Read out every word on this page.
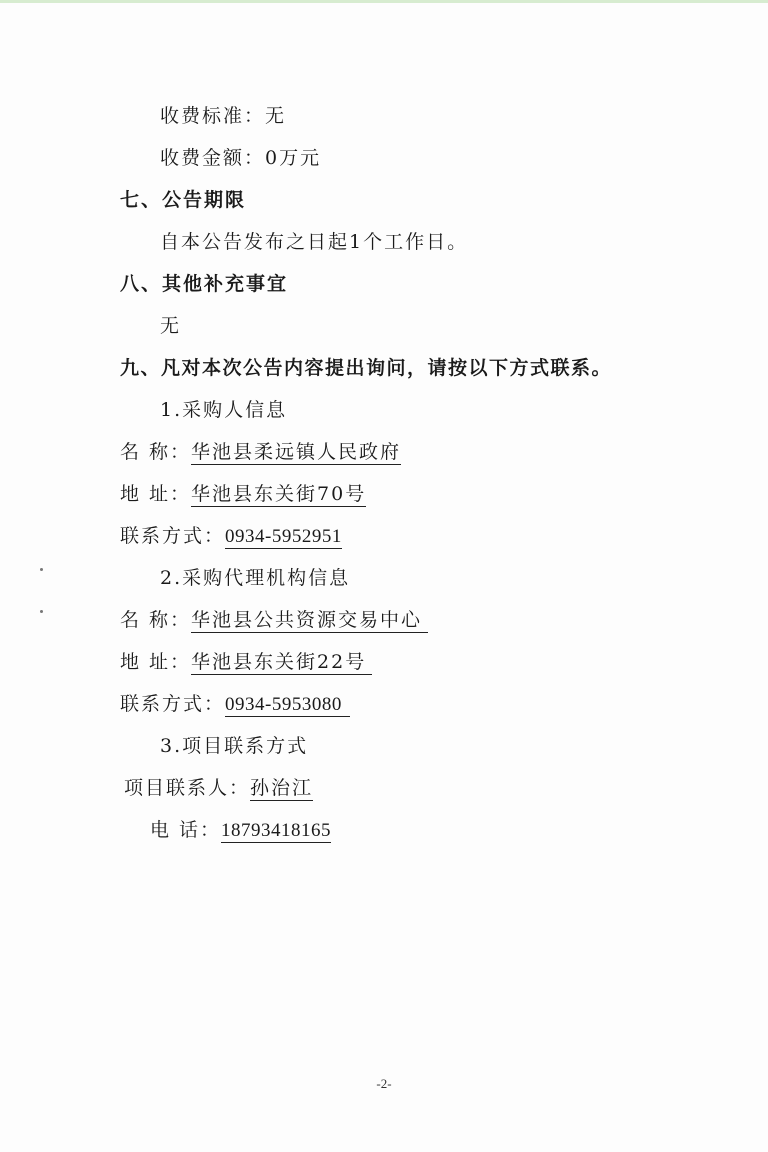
收费标准：无
收费金额：0万元
七、公告期限
自本公告发布之日起1个工作日。
八、其他补充事宜
无
九、凡对本次公告内容提出询问，请按以下方式联系。
1.采购人信息
名 称：华池县柔远镇人民政府
地 址：华池县东关街70号
联系方式：0934-5952951
2.采购代理机构信息
名 称：华池县公共资源交易中心
地 址：华池县东关街22号
联系方式：0934-5953080
3.项目联系方式
项目联系人：孙治江
电 话：18793418165
-2-
